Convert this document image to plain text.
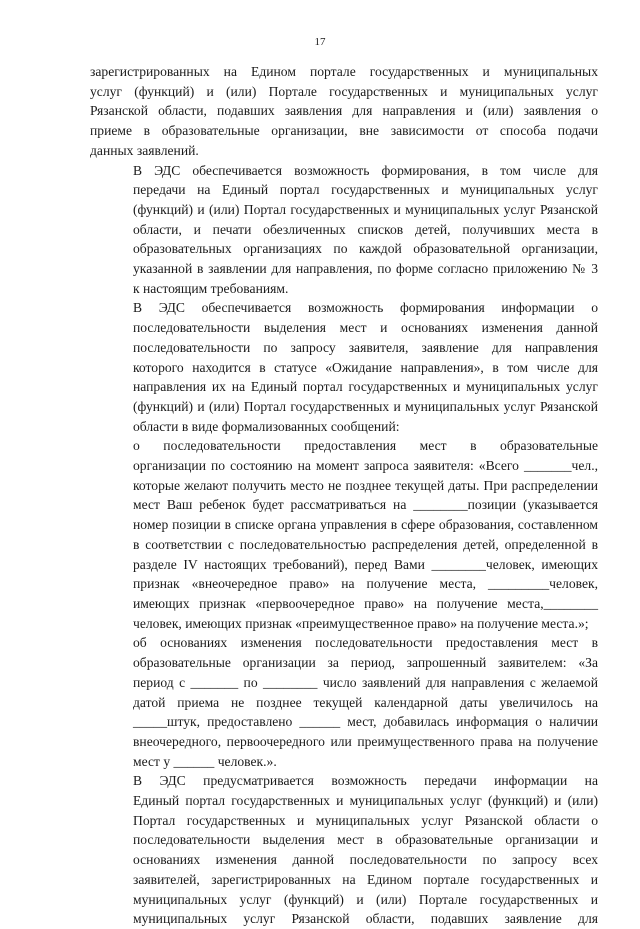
17
зарегистрированных на Едином портале государственных и муниципальных
услуг (функций) и (или) Портале государственных и муниципальных услуг
Рязанской области, подавших заявления для направления и (или) заявления о
приеме в образовательные организации, вне зависимости от способа подачи
данных заявлений.
В ЭДС обеспечивается возможность формирования, в том числе для
передачи на Единый портал государственных и муниципальных услуг
(функций) и (или) Портал государственных и муниципальных услуг Рязанской
области, и печати обезличенных списков детей, получивших места в
образовательных организациях по каждой образовательной организации,
указанной в заявлении для направления, по форме согласно приложению № 3
к настоящим требованиям.
В ЭДС обеспечивается возможность формирования информации о
последовательности выделения мест и основаниях изменения данной
последовательности по запросу заявителя, заявление для направления
которого находится в статусе «Ожидание направления», в том числе для
направления их на Единый портал государственных и муниципальных услуг
(функций) и (или) Портал государственных и муниципальных услуг Рязанской
области в виде формализованных сообщений:
о последовательности предоставления мест в образовательные
организации по состоянию на момент запроса заявителя: «Всего _______чел.,
которые желают получить место не позднее текущей даты. При распределении
мест Ваш ребенок будет рассматриваться на ________позиции (указывается
номер позиции в списке органа управления в сфере образования, составленном
в соответствии с последовательностью распределения детей, определенной в
разделе IV настоящих требований), перед Вами ________человек, имеющих
признак «внеочередное право» на получение места, _________человек,
имеющих признак «первоочередное право» на получение места,________
человек, имеющих признак «преимущественное право» на получение места.»;
об основаниях изменения последовательности предоставления мест в
образовательные организации за период, запрошенный заявителем: «За
период с _______ по ________ число заявлений для направления с желаемой
датой приема не позднее текущей календарной даты увеличилось на
_____штук, предоставлено ______ мест, добавилась информация о наличии
внеочередного, первоочередного или преимущественного права на получение
мест у ______ человек.».
В ЭДС предусматривается возможность передачи информации на
Единый портал государственных и муниципальных услуг (функций) и (или)
Портал государственных и муниципальных услуг Рязанской области о
последовательности выделения мест в образовательные организации и
основаниях изменения данной последовательности по запросу всех
заявителей, зарегистрированных на Едином портале государственных и
муниципальных услуг (функций) и (или) Портале государственных и
муниципальных услуг Рязанской области, подавших заявление для
